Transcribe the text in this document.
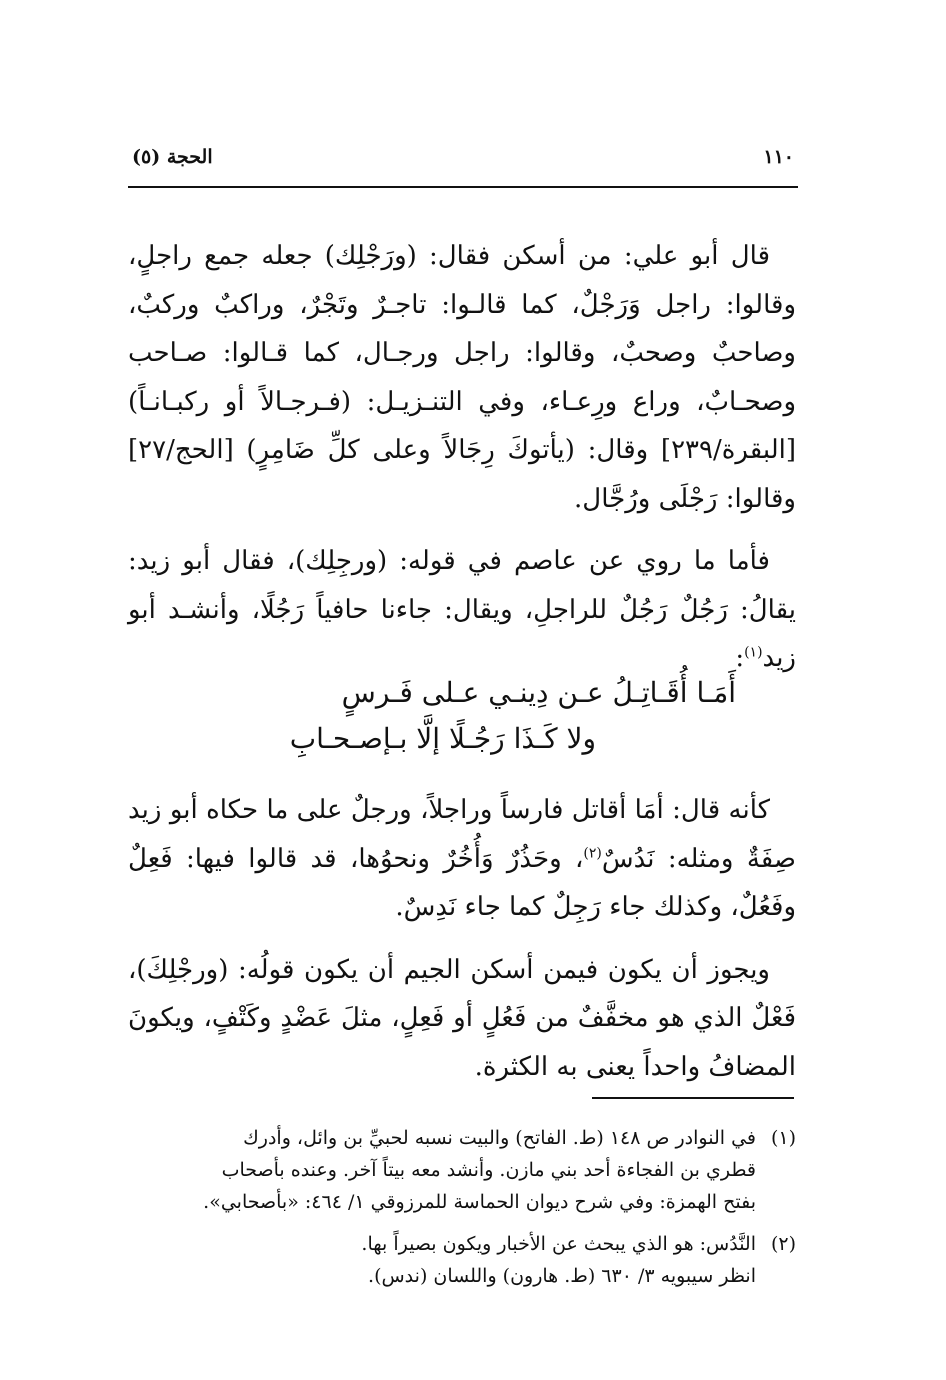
١١٠
الحجة (٥)

قال أبو علي: من أسكن فقال: (ورَجْلِك) جعله جمع راجلٍ، وقالوا: راجل وَرَجْلٌ، كما قالـوا: تاجـرٌ وتَجْرٌ، وراكبٌ وركبٌ، وصاحبٌ وصحبٌ، وقالوا: راجل ورجـال، كما قـالوا: صـاحب وصحـابٌ، وراع ورِعـاء، وفي التنـزيـل: (فـرجـالاً أو ركبـانـاً) [البقرة/٢٣٩] وقال: (يأتوكَ رِجَالاً وعلى كلِّ ضَامِرٍ) [الحج/٢٧] وقالوا: رَجْلَى ورُجَّال.

فأما ما روي عن عاصم في قوله: (ورجِلِك)، فقال أبو زيد: يقالُ: رَجُلٌ رَجُلٌ للراجلِ، ويقال: جاءنا حافياً رَجُلًا، وأنشـد أبو زيد$^{(١)}$:

أَمَـا أُقَـاتِـلُ عـن دِينـي عـلى فَـرسٍ
ولا كَـذَا رَجُـلًا إلَّا بـإصـحـابِ

كأنه قال: أمَا أقاتل فارساً وراجلاً، ورجلٌ على ما حكاه أبو زيد صِفَةٌ ومثله: نَدُسٌ$^{(٢)}$، وحَذُرٌ وَأُخُرٌ ونحوُها، قد قالوا فيها: فَعِلٌ وفَعُلٌ، وكذلك جاء رَجِلٌ كما جاء نَدِسٌ.

ويجوز أن يكون فيمن أسكن الجيم أن يكون قولُه: (ورجْلِكَ)، فَعْلٌ الذي هو مخفَّفٌ من فَعُلٍ أو فَعِلٍ، مثلَ عَضْدٍ وكَتْفٍ، ويكونَ المضافُ واحداً يعنى به الكثرة.

(١)
في النوادر ص ١٤٨ (ط. الفاتح) والبيت نسبه لحبيِّ بن وائل، وأدرك
قطري بن الفجاءة أحد بني مازن. وأنشد معه بيتاً آخر. وعنده بأصحاب
بفتح الهمزة: وفي شرح ديوان الحماسة للمرزوقي ١/ ٤٦٤: «بأصحابي».
(٢)
النَّدُس: هو الذي يبحث عن الأخبار ويكون بصيراً بها.
انظر سيبويه ٣/ ٦٣٠ (ط. هارون) واللسان (ندس).
